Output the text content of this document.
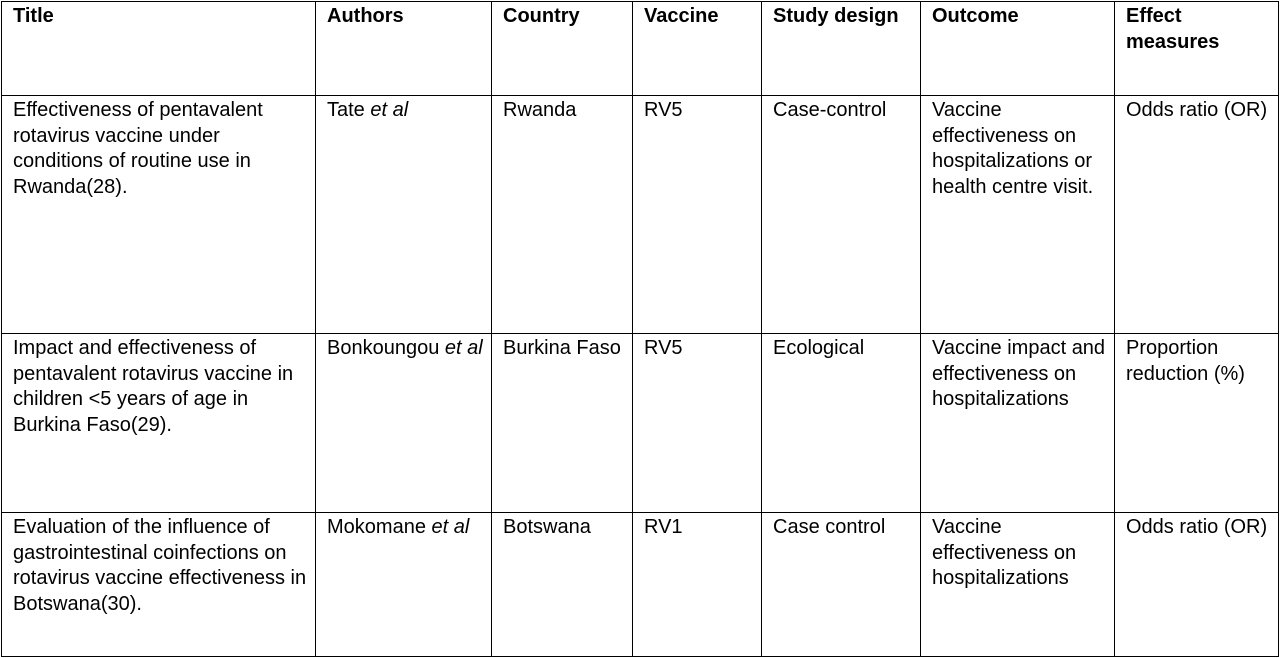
Title	Authors	Country	Vaccine	Study design	Outcome	Effect measures
Effectiveness of pentavalent rotavirus vaccine under conditions of routine use in Rwanda(28).	Tate et al	Rwanda	RV5	Case-control	Vaccine effectiveness on hospitalizations or health centre visit.	Odds ratio (OR)
Impact and effectiveness of pentavalent rotavirus vaccine in children <5 years of age in Burkina Faso(29).	Bonkoungou et al	Burkina Faso	RV5	Ecological	Vaccine impact and effectiveness on hospitalizations	Proportion reduction (%)
Evaluation of the influence of gastrointestinal coinfections on rotavirus vaccine effectiveness in Botswana(30).	Mokomane et al	Botswana	RV1	Case control	Vaccine effectiveness on hospitalizations	Odds ratio (OR)
